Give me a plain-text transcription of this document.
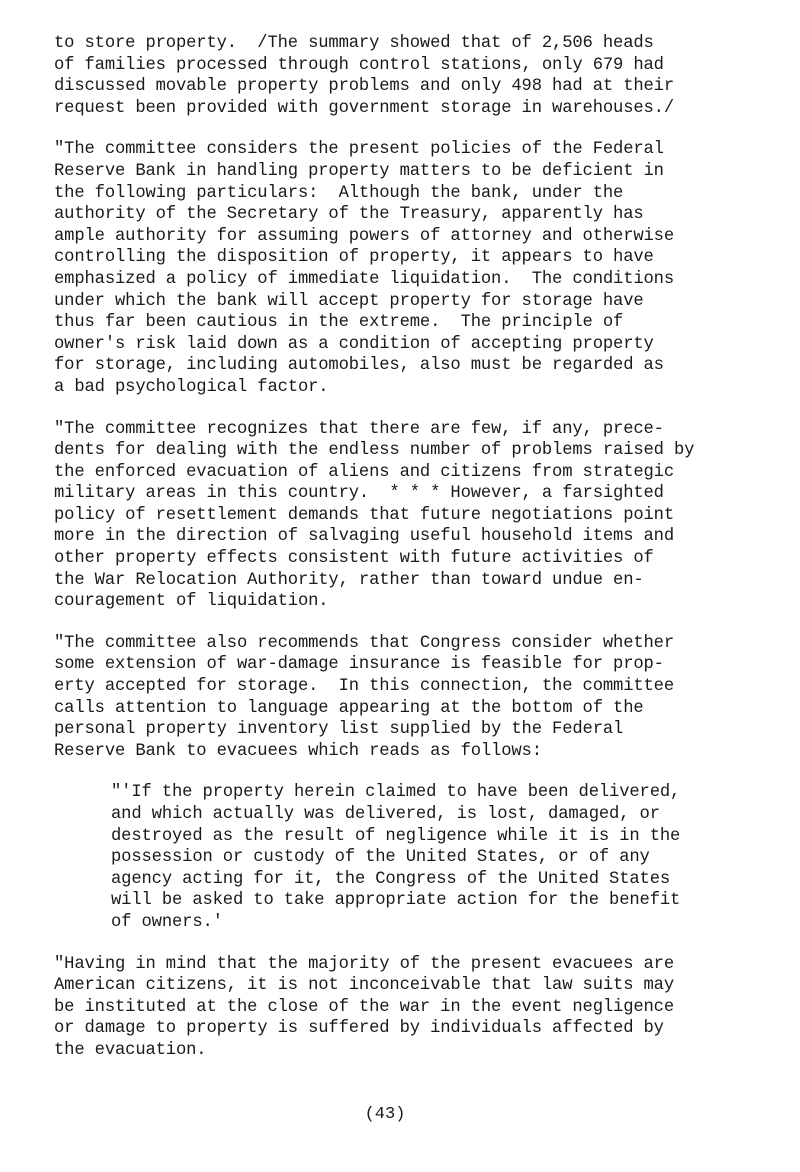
to store property.  /The summary showed that of 2,506 heads
of families processed through control stations, only 679 had
discussed movable property problems and only 498 had at their
request been provided with government storage in warehouses./
"The committee considers the present policies of the Federal
Reserve Bank in handling property matters to be deficient in
the following particulars:  Although the bank, under the
authority of the Secretary of the Treasury, apparently has
ample authority for assuming powers of attorney and otherwise
controlling the disposition of property, it appears to have
emphasized a policy of immediate liquidation.  The conditions
under which the bank will accept property for storage have
thus far been cautious in the extreme.  The principle of
owner's risk laid down as a condition of accepting property
for storage, including automobiles, also must be regarded as
a bad psychological factor.
"The committee recognizes that there are few, if any, prece-
dents for dealing with the endless number of problems raised by
the enforced evacuation of aliens and citizens from strategic
military areas in this country.  * * * However, a farsighted
policy of resettlement demands that future negotiations point
more in the direction of salvaging useful household items and
other property effects consistent with future activities of
the War Relocation Authority, rather than toward undue en-
couragement of liquidation.
"The committee also recommends that Congress consider whether
some extension of war-damage insurance is feasible for prop-
erty accepted for storage.  In this connection, the committee
calls attention to language appearing at the bottom of the
personal property inventory list supplied by the Federal
Reserve Bank to evacuees which reads as follows:
"'If the property herein claimed to have been delivered,
and which actually was delivered, is lost, damaged, or
destroyed as the result of negligence while it is in the
possession or custody of the United States, or of any
agency acting for it, the Congress of the United States
will be asked to take appropriate action for the benefit
of owners.'
"Having in mind that the majority of the present evacuees are
American citizens, it is not inconceivable that law suits may
be instituted at the close of the war in the event negligence
or damage to property is suffered by individuals affected by
the evacuation.
(43)
